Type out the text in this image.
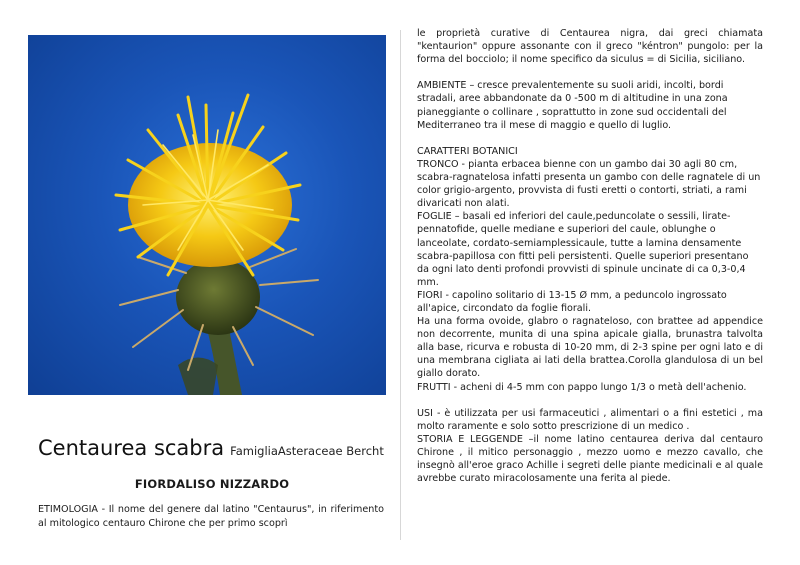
Centaurea scabra FamigliaAsteraceae Bercht
FIORDALISO NIZZARDO
ETIMOLOGIA - Il nome del genere dal latino "Centaurus", in riferimento al mitologico centauro Chirone che per primo scoprì

le proprietà curative di Centaurea nigra, dai greci chiamata "kentaurion" oppure assonante con il greco "kéntron" pungolo: per la forma del bocciolo; il nome specifico da siculus = di Sicilia, siciliano.

AMBIENTE – cresce prevalentemente su suoli aridi, incolti, bordi stradali, aree abbandonate da 0 -500 m di altitudine in una zona pianeggiante o collinare , soprattutto in zone sud occidentali del Mediterraneo tra il mese di maggio e quello di luglio.

CARATTERI BOTANICI

TRONCO - pianta erbacea bienne con un gambo dai 30 agli 80 cm, scabra-ragnatelosa infatti presenta un gambo con delle ragnatele di un color grigio-argento, provvista di fusti eretti o contorti, striati, a rami divaricati non alati.

FOGLIE – basali ed inferiori del caule,peduncolate o sessili, lirate- pennatofide, quelle mediane e superiori del caule, oblunghe o lanceolate, cordato-semiamplessicaule, tutte a lamina densamente scabra-papillosa con fitti peli persistenti. Quelle superiori presentano da ogni lato denti profondi provvisti di spinule uncinate di ca 0,3-0,4 mm.

FIORI - capolino solitario di 13-15 Ø mm, a peduncolo ingrossato all'apice, circondato da foglie fiorali.

Ha una forma ovoide, glabro o ragnateloso, con brattee ad appendice non decorrente, munita di una spina apicale gialla, brunastra talvolta alla base, ricurva e robusta di 10-20 mm, di 2-3 spine per ogni lato e di una membrana cigliata ai lati della brattea.Corolla glandulosa di un bel giallo dorato.

FRUTTI - acheni di 4-5 mm con pappo lungo 1/3 o metà dell'achenio.

USI - è utilizzata per usi farmaceutici , alimentari o a fini estetici , ma molto raramente e solo sotto prescrizione di un medico .

STORIA E LEGGENDE –il nome latino centaurea deriva dal centauro Chirone , il mitico personaggio , mezzo uomo e mezzo cavallo, che insegnò all'eroe graco Achille i segreti delle piante medicinali e al quale avrebbe curato miracolosamente una ferita al piede.
